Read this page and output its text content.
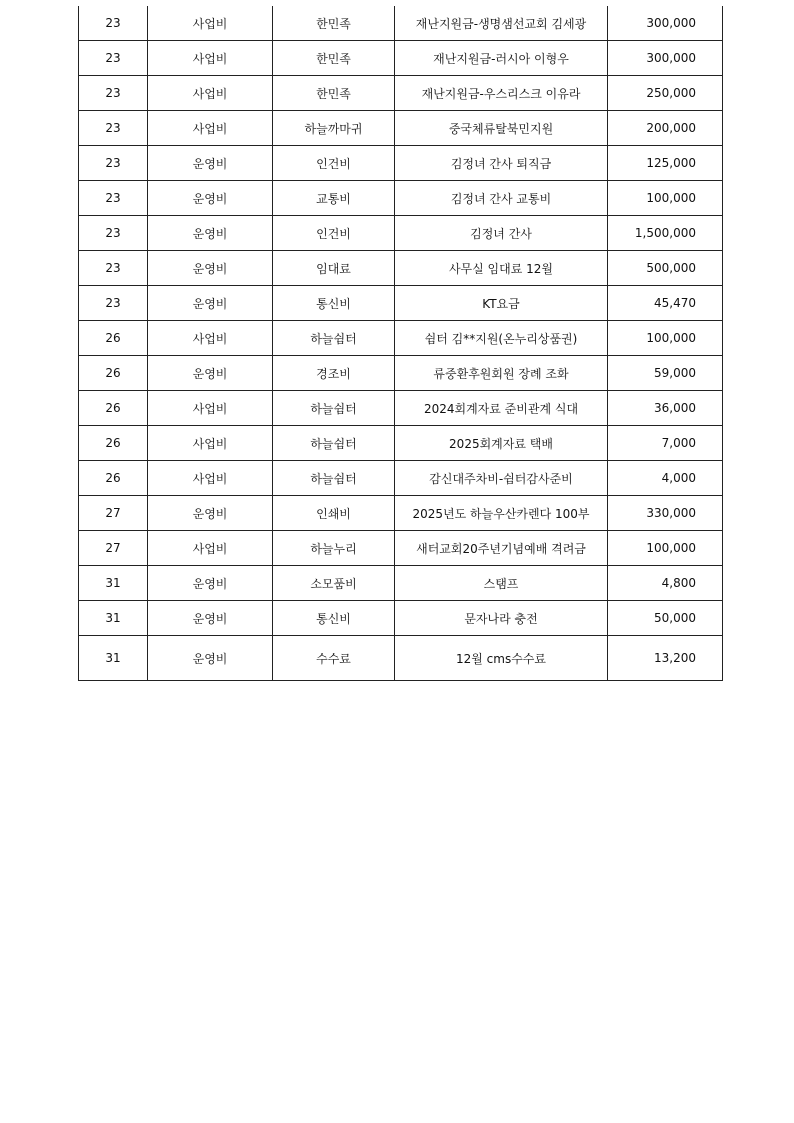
23	사업비	한민족	재난지원금-생명샘선교회 김세광	300,000
23	사업비	한민족	재난지원금-러시아 이형우	300,000
23	사업비	한민족	재난지원금-우스리스크 이유라	250,000
23	사업비	하늘까마귀	중국체류탈북민지원	200,000
23	운영비	인건비	김정녀 간사 퇴직금	125,000
23	운영비	교통비	김정녀 간사 교통비	100,000
23	운영비	인건비	김정녀 간사	1,500,000
23	운영비	임대료	사무실 임대료 12월	500,000
23	운영비	통신비	KT요금	45,470
26	사업비	하늘쉼터	쉼터 김**지원(온누리상품권)	100,000
26	운영비	경조비	류중환후원회원 장례 조화	59,000
26	사업비	하늘쉼터	2024회계자료 준비관계 식대	36,000
26	사업비	하늘쉼터	2025회계자료 택배	7,000
26	사업비	하늘쉼터	감신대주차비-쉼터감사준비	4,000
27	운영비	인쇄비	2025년도 하늘우산카렌다 100부	330,000
27	사업비	하늘누리	새터교회20주년기념예배 격려금	100,000
31	운영비	소모품비	스탬프	4,800
31	운영비	통신비	문자나라 충전	50,000
31	운영비	수수료	12월 cms수수료	13,200
